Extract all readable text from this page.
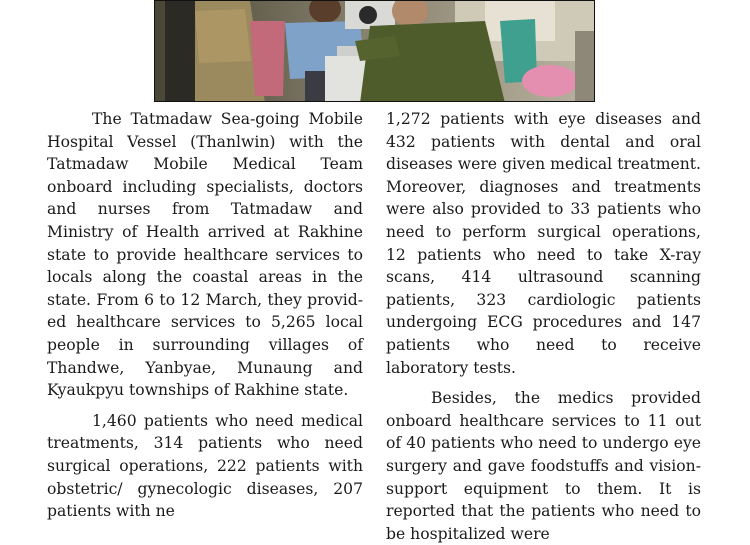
The Tatmadaw Sea-going Mobile Hospital Vessel (Thanlwin) with the Tatmadaw Mobile Medical Team onboard including specialists, doctors and nurses from Tatmadaw and Ministry of Health arrived at Rakhine state to provide healthcare services to locals along the coastal areas in the state. From 6 to 12 March, they provided healthcare services to 5,265 local people in surrounding villages of Thandwe, Yanbyae, Munaung and Kyaukpyu townships of Rakhine state.

1,460 patients who need medical treatments, 314 patients who need surgical operations, 222 patients with obstetric/ gynecologic diseases, 207 patients with ne

1,272 patients with eye diseases and 432 patients with dental and oral diseases were given medical treatment. Moreover, diagnoses and treatments were also provided to 33 patients who need to perform surgical operations, 12 patients who need to take X-ray scans, 414 ultrasound scanning patients, 323 cardiologic patients undergoing ECG procedures and 147 patients who need to receive laboratory tests.

Besides, the medics provided onboard healthcare services to 11 out of 40 patients who need to undergo eye surgery and gave foodstuffs and vision-support equipment to them. It is reported that the patients who need to be hospitalized were
